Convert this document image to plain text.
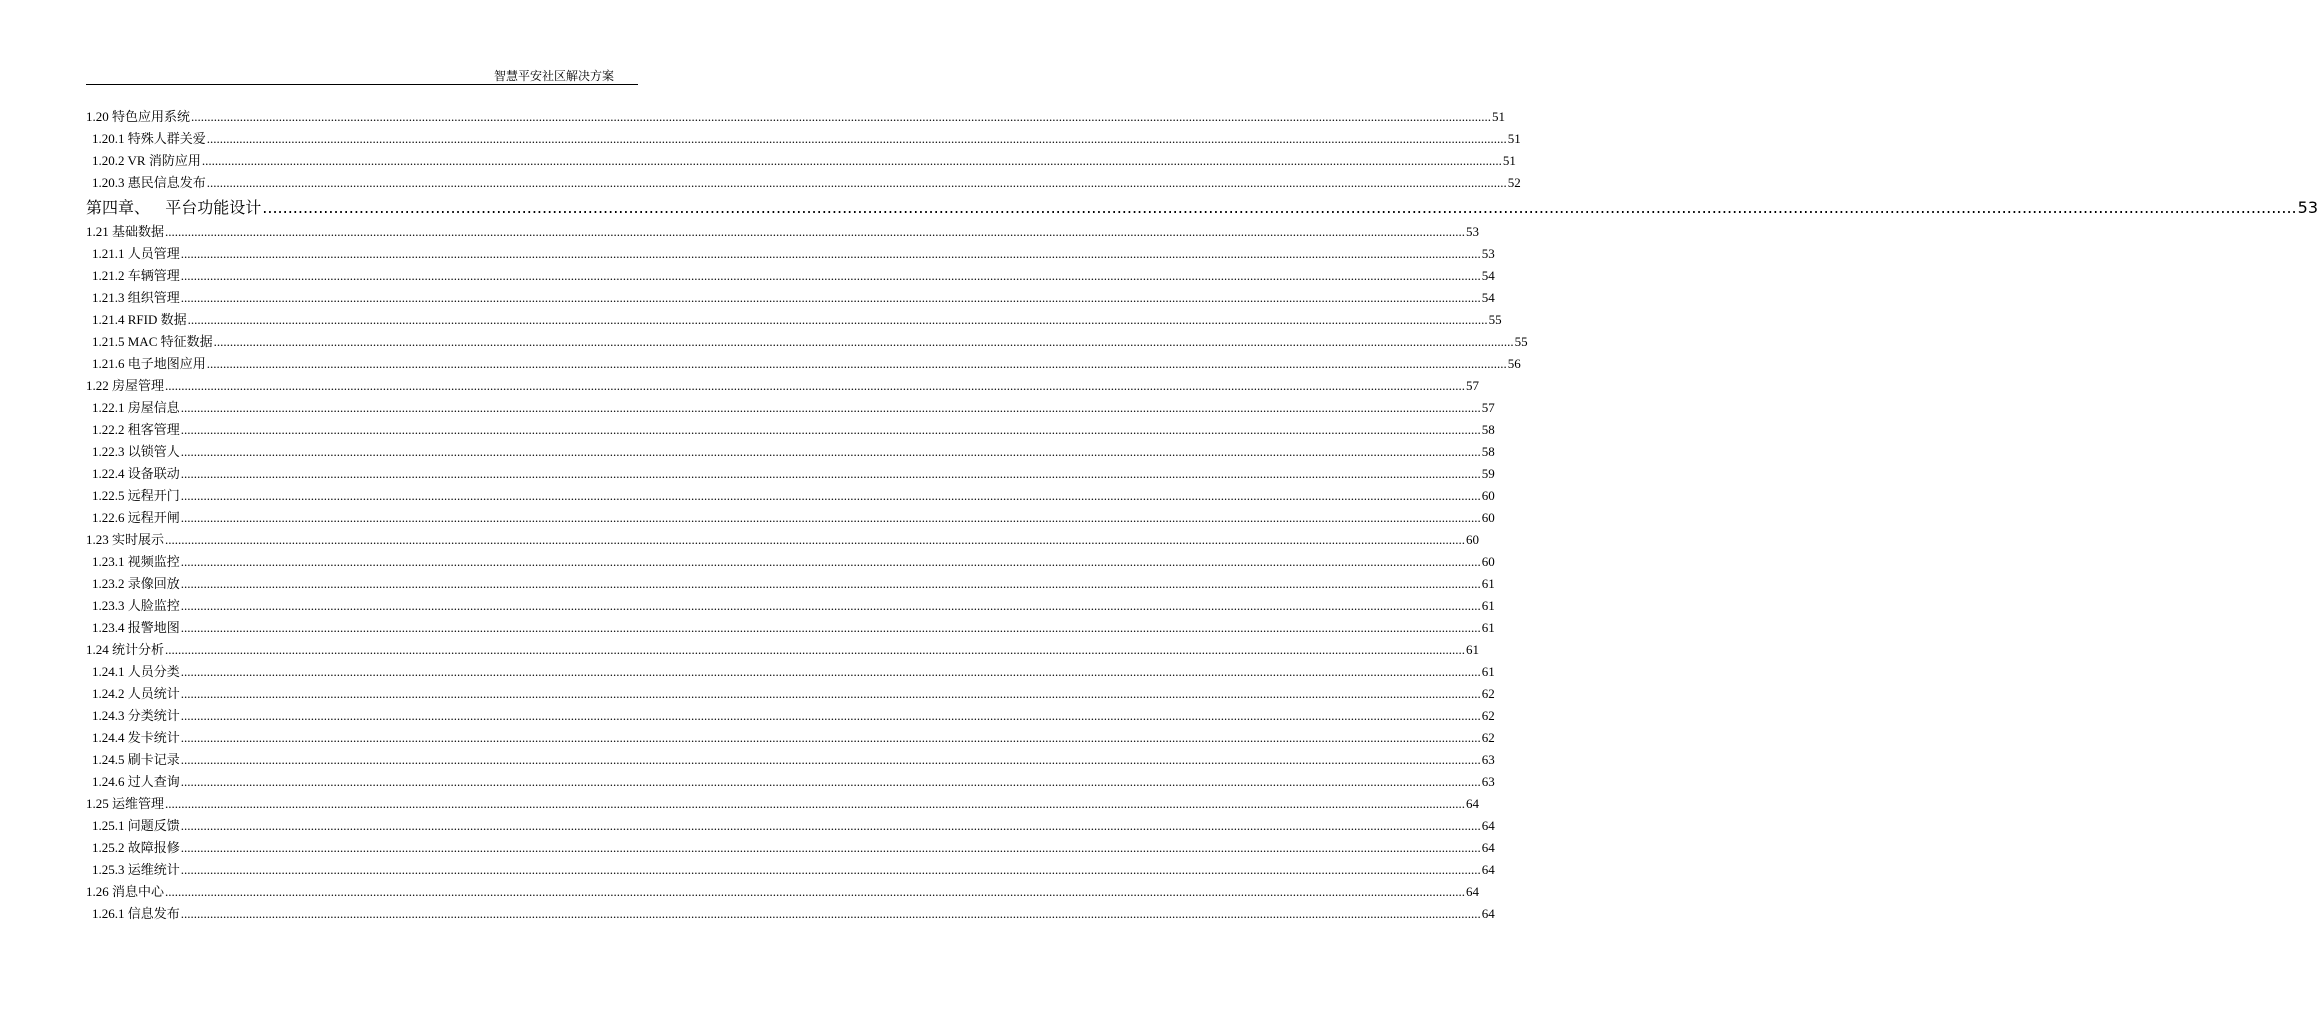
智慧平安社区解决方案
1.20 特色应用系统 ................................................................................................................................................................................................................................................................................................................................................................................................................ 51
1.20.1 特殊人群关爱 ................................................................................................................................................................................................................................................................................................................................................................................................................ 51
1.20.2 VR 消防应用 ................................................................................................................................................................................................................................................................................................................................................................................................................ 51
1.20.3 惠民信息发布 ................................................................................................................................................................................................................................................................................................................................................................................................................ 52
第四章、   平台功能设计 ................................................................................................................................................................................................................................................................................................................................................................................................................ 53
1.21 基础数据 ................................................................................................................................................................................................................................................................................................................................................................................................................ 53
1.21.1 人员管理 ................................................................................................................................................................................................................................................................................................................................................................................................................ 53
1.21.2 车辆管理 ................................................................................................................................................................................................................................................................................................................................................................................................................ 54
1.21.3 组织管理 ................................................................................................................................................................................................................................................................................................................................................................................................................ 54
1.21.4 RFID 数据 ................................................................................................................................................................................................................................................................................................................................................................................................................ 55
1.21.5 MAC 特征数据 ................................................................................................................................................................................................................................................................................................................................................................................................................ 55
1.21.6 电子地图应用 ................................................................................................................................................................................................................................................................................................................................................................................................................ 56
1.22 房屋管理 ................................................................................................................................................................................................................................................................................................................................................................................................................ 57
1.22.1 房屋信息 ................................................................................................................................................................................................................................................................................................................................................................................................................ 57
1.22.2 租客管理 ................................................................................................................................................................................................................................................................................................................................................................................................................ 58
1.22.3 以锁管人 ................................................................................................................................................................................................................................................................................................................................................................................................................ 58
1.22.4 设备联动 ................................................................................................................................................................................................................................................................................................................................................................................................................ 59
1.22.5 远程开门 ................................................................................................................................................................................................................................................................................................................................................................................................................ 60
1.22.6 远程开闸 ................................................................................................................................................................................................................................................................................................................................................................................................................ 60
1.23 实时展示 ................................................................................................................................................................................................................................................................................................................................................................................................................ 60
1.23.1 视频监控 ................................................................................................................................................................................................................................................................................................................................................................................................................ 60
1.23.2 录像回放 ................................................................................................................................................................................................................................................................................................................................................................................................................ 61
1.23.3 人脸监控 ................................................................................................................................................................................................................................................................................................................................................................................................................ 61
1.23.4 报警地图 ................................................................................................................................................................................................................................................................................................................................................................................................................ 61
1.24 统计分析 ................................................................................................................................................................................................................................................................................................................................................................................................................ 61
1.24.1 人员分类 ................................................................................................................................................................................................................................................................................................................................................................................................................ 61
1.24.2 人员统计 ................................................................................................................................................................................................................................................................................................................................................................................................................ 62
1.24.3 分类统计 ................................................................................................................................................................................................................................................................................................................................................................................................................ 62
1.24.4 发卡统计 ................................................................................................................................................................................................................................................................................................................................................................................................................ 62
1.24.5 刷卡记录 ................................................................................................................................................................................................................................................................................................................................................................................................................ 63
1.24.6 过人查询 ................................................................................................................................................................................................................................................................................................................................................................................................................ 63
1.25 运维管理 ................................................................................................................................................................................................................................................................................................................................................................................................................ 64
1.25.1 问题反馈 ................................................................................................................................................................................................................................................................................................................................................................................................................ 64
1.25.2 故障报修 ................................................................................................................................................................................................................................................................................................................................................................................................................ 64
1.25.3 运维统计 ................................................................................................................................................................................................................................................................................................................................................................................................................ 64
1.26 消息中心 ................................................................................................................................................................................................................................................................................................................................................................................................................ 64
1.26.1 信息发布 ................................................................................................................................................................................................................................................................................................................................................................................................................ 64
